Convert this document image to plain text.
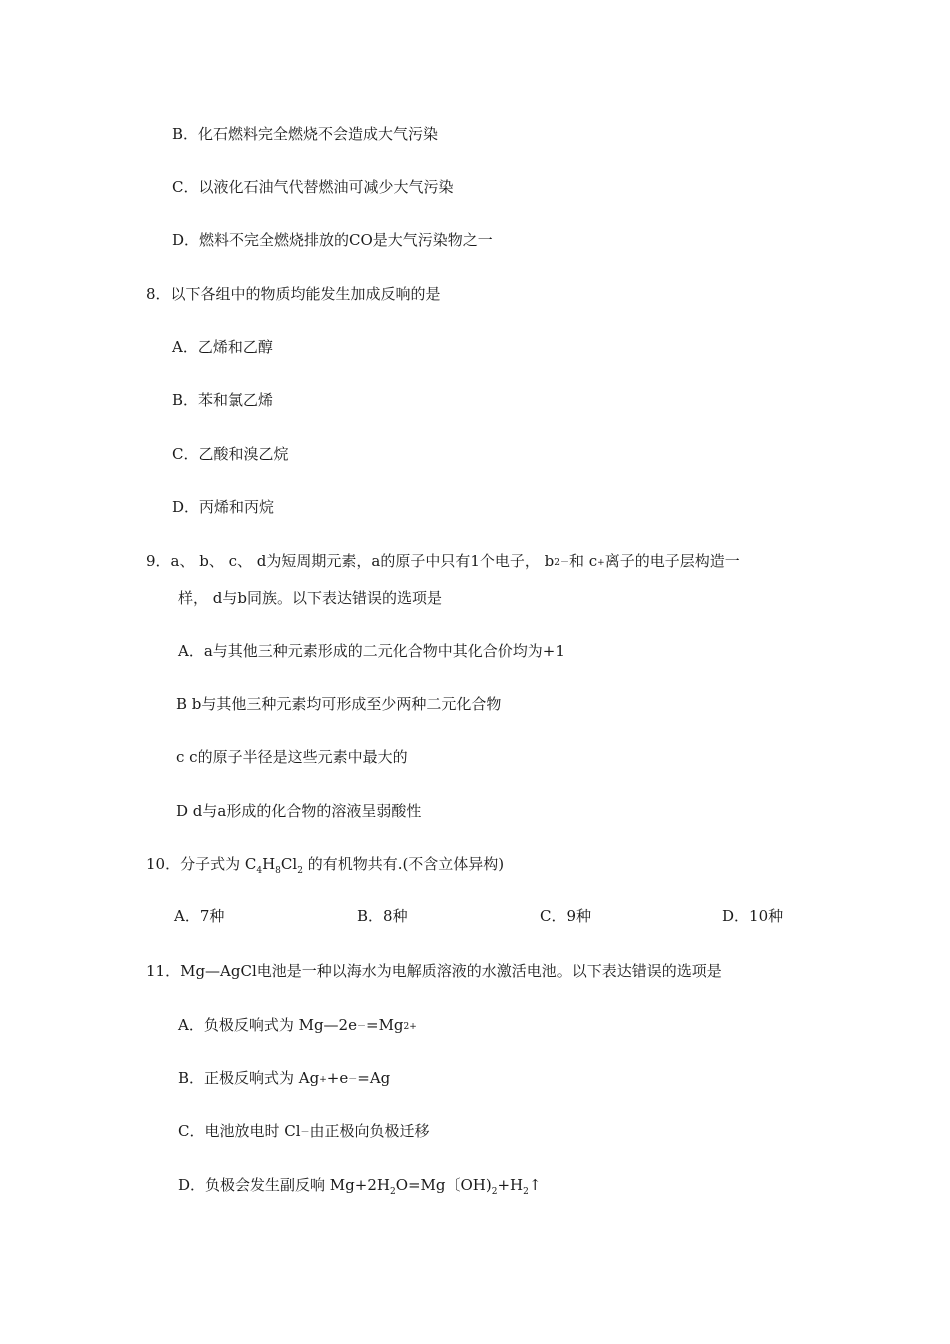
B．化石燃料完全燃烧不会造成大气污染
C．以液化石油气代替燃油可减少大气污染
D．燃料不完全燃烧排放的CO是大气污染物之一
8．以下各组中的物质均能发生加成反响的是
A．乙烯和乙醇
B．苯和氯乙烯
C．乙酸和溴乙烷
D．丙烯和丙烷
9．a、 b、 c、 d为短周期元素，a的原子中只有1个电子， b2－和 c+离子的电子层构造一
样， d与b同族。以下表达错误的选项是
A．a与其他三种元素形成的二元化合物中其化合价均为+1
B b与其他三种元素均可形成至少两种二元化合物
c c的原子半径是这些元素中最大的
D d与a形成的化合物的溶液呈弱酸性
10．分子式为 $C_4H_8Cl_2$ 的有机物共有.(不含立体异构)
A．7种	B．8种	C．9种	D．10种
11．Mg—AgCl电池是一种以海水为电解质溶液的水激活电池。以下表达错误的选项是
A．负极反响式为 Mg—2e－=Mg2+
B．正极反响式为 Ag++e－=Ag
C．电池放电时 Cl－由正极向负极迁移
D．负极会发生副反响 $Mg+2H_2O=Mg$〔$OH)_2+H_2↑$
